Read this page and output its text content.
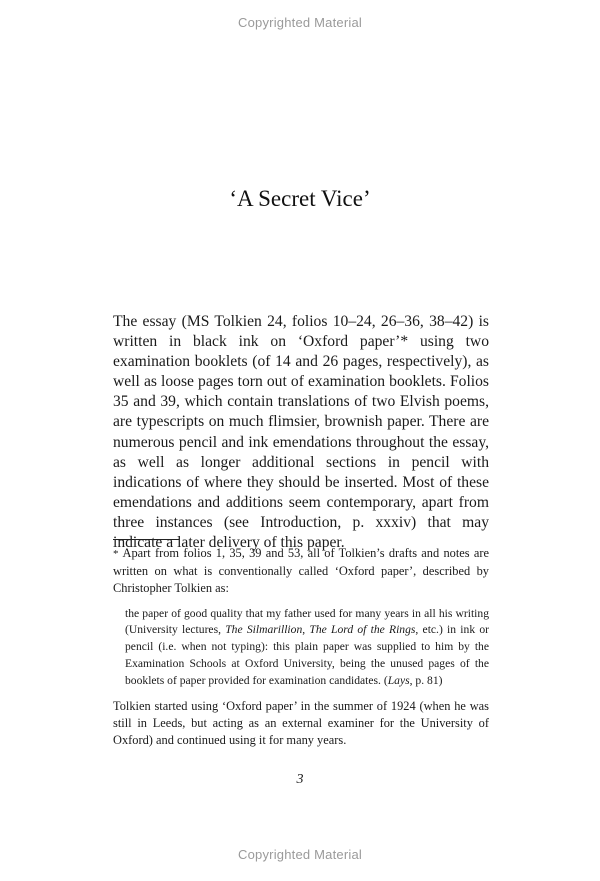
Copyrighted Material
‘A Secret Vice’

The essay (MS Tolkien 24, folios 10–24, 26–36, 38–42) is written in black ink on ‘Oxford paper’* using two examination booklets (of 14 and 26 pages, respectively), as well as loose pages torn out of examination booklets. Folios 35 and 39, which contain translations of two Elvish poems, are typescripts on much flimsier, brownish paper. There are numerous pencil and ink emendations throughout the essay, as well as longer additional sections in pencil with indications of where they should be inserted. Most of these emendations and additions seem contemporary, apart from three instances (see Introduction, p. xxxiv) that may indicate a later delivery of this paper.

* Apart from folios 1, 35, 39 and 53, all of Tolkien’s drafts and notes are written on what is conventionally called ‘Oxford paper’, described by Christopher Tolkien as:

the paper of good quality that my father used for many years in all his writing (University lectures, The Silmarillion, The Lord of the Rings, etc.) in ink or pencil (i.e. when not typing): this plain paper was supplied to him by the Examination Schools at Oxford University, being the unused pages of the booklets of paper provided for examination candidates. (Lays, p. 81)

Tolkien started using ‘Oxford paper’ in the summer of 1924 (when he was still in Leeds, but acting as an external examiner for the University of Oxford) and continued using it for many years.

3
Copyrighted Material
